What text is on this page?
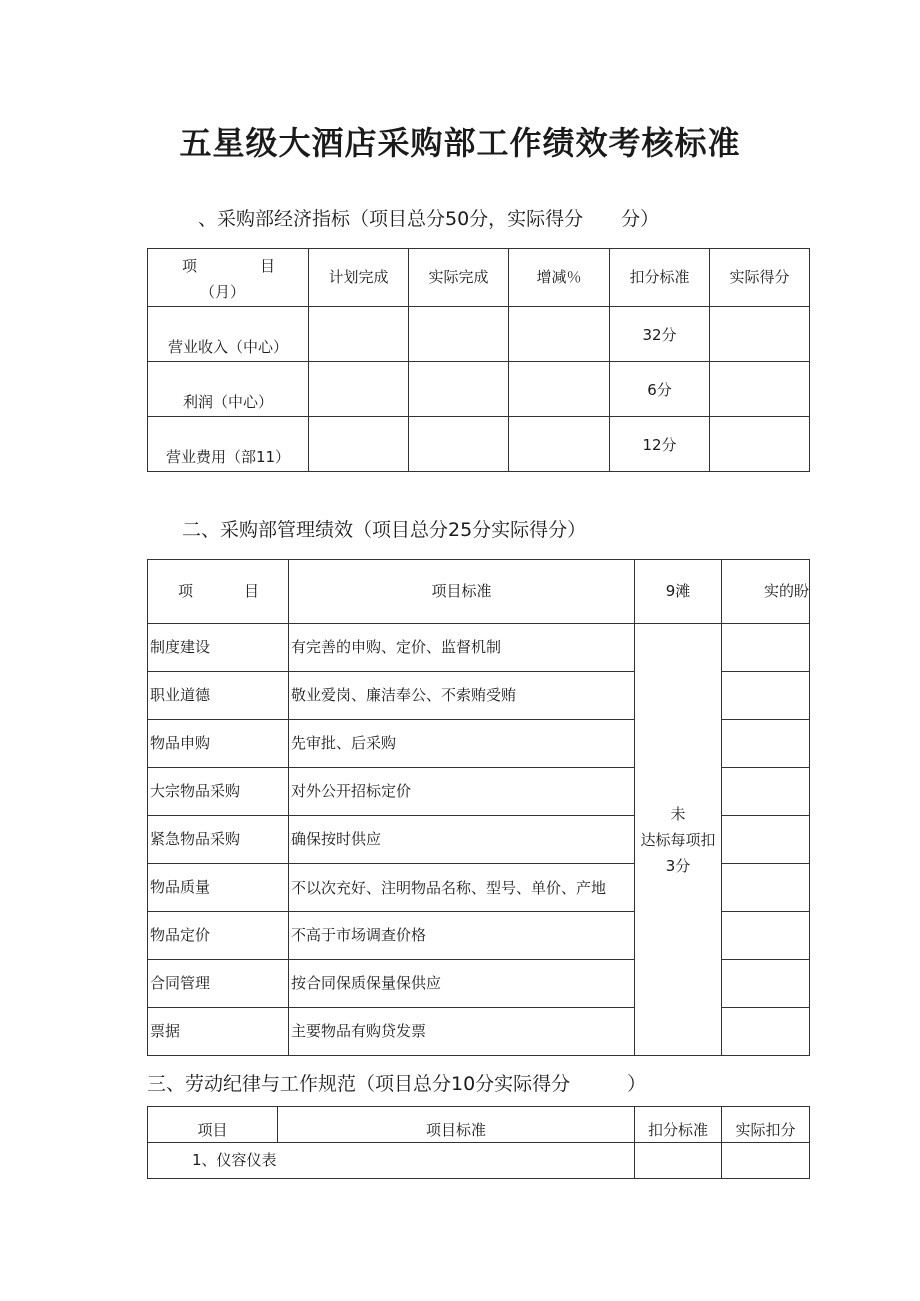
五星级大酒店采购部工作绩效考核标准
、采购部经济指标（项目总分50分，实际得分　　分）
项 目
（月）	计划完成	实际完成	增减％	扣分标准	实际得分
营业收入（中心）				32分	
利润（中心）				6分	
营业费用（部11）				12分	
二、采购部管理绩效（项目总分25分实际得分）
项 目	项目标准	9滩	实的盼
制度建设	有完善的申购、定价、监督机制	未
达标每项扣
3分	

职业道德	敬业爱岗、廉洁奉公、不索贿受贿		
物品申购	先审批、后采购		
大宗物品采购	对外公开招标定价		
紧急物品采购	确保按时供应		
物品质量	不以次充好、注明物品名称、型号、单价、产地		
物品定价	不高于市场调查价格		
合同管理	按合同保质保量保供应		
票据	主要物品有购贷发票		
三、劳动纪律与工作规范（项目总分10分实际得分　　　）
项目	项目标准	扣分标准	实际扣分
1、仪容仪表			
